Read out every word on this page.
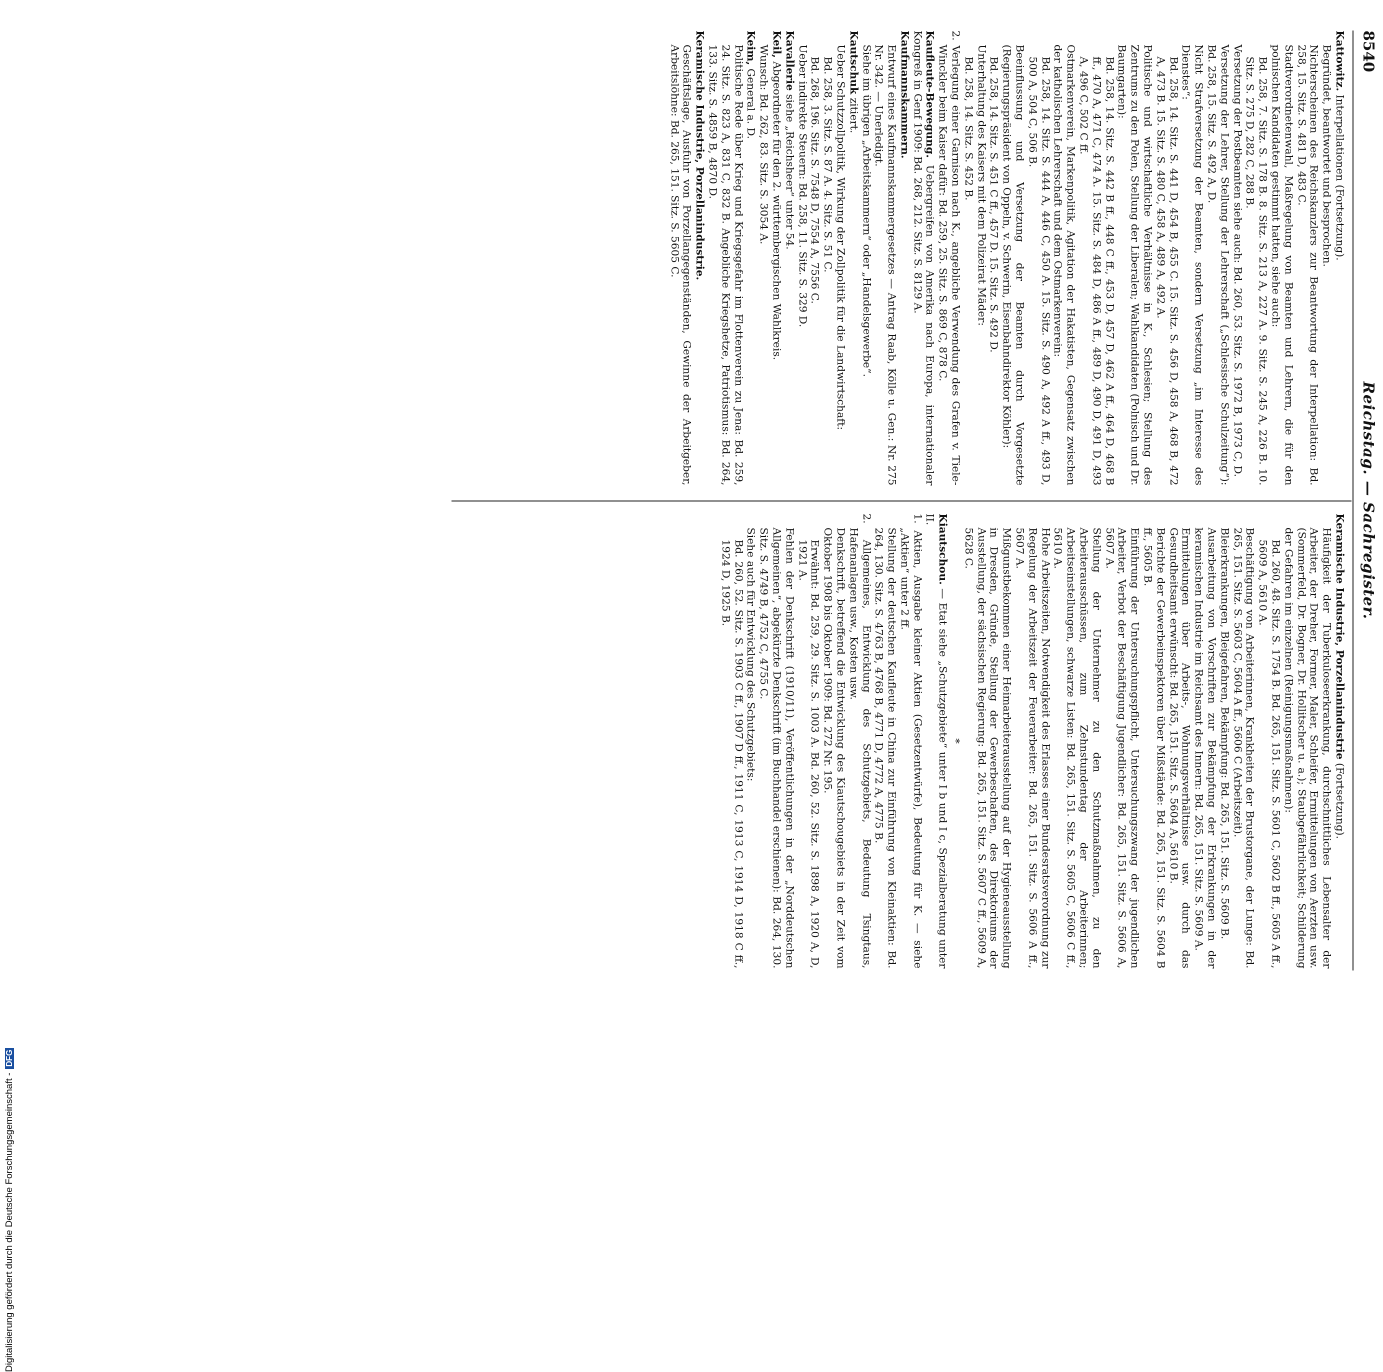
8540
Reichstag. — Sachregister.

Kattowitz. Interpellationen (Fortsetzung).

Begründet, beantwortet und besprochen.

Nichterscheinen des Reichskanzlers zur Beantwortung der Interpellation: Bd. 258, 15. Sitz. S. 481 D, 483 C.

Stadtverordnetenwahl, Maßregelung von Beamten und Lehrern, die für den polnischen Kandidaten gestimmt hatten, siehe auch:

Bd. 258, 7. Sitz. S. 178 B. 8. Sitz. S. 213 A, 227 A. 9. Sitz. S. 245 A, 226 B. 10. Sitz. S. 275 D, 282 C, 288 B.

Versetzung der Postbeamten siehe auch: Bd. 260, 53. Sitz. S. 1972 B, 1973 C, D.

Versetzung der Lehrer, Stellung der Lehrerschaft („Schlesische Schulzeitung“): Bd. 258, 15. Sitz. S. 492 A, D.

Nicht Strafversetzung der Beamten, sondern Versetzung „im Interesse des Dienstes“:

Bd. 258, 14. Sitz. S. 441 D, 454 B, 455 C. 15. Sitz. S. 456 D, 458 A, 468 B, 472 A, 473 B. 15. Sitz. S. 480 C, 458 A, 489 A, 492 A.

Politische und wirtschaftliche Verhältnisse in K., Schlesien; Stellung des Zentrums zu den Polen, Stellung der Liberalen; Wahlkandidaten (Polnisch und Dr. Baumgarten):

Bd. 258, 14. Sitz. S. 442 B ff., 448 C ff., 453 D, 457 D, 462 A ff., 464 D, 468 B ff., 470 A, 471 C, 474 A. 15. Sitz. S. 484 D, 486 A ff., 489 D, 490 D, 491 D, 493 A, 496 C, 502 C ff.

Ostmarkenverein, Markenpolitik, Agitation der Hakatisten, Gegensatz zwischen der katholischen Lehrerschaft und dem Ostmarkenverein:

Bd. 258, 14. Sitz. S. 444 A, 446 C, 450 A. 15. Sitz. S. 490 A, 492 A ff., 493 D, 500 A, 504 C, 506 B.

Beeinflussung und Versetzung der Beamten durch Vorgesetzte (Regierungspräsident von Oppeln, v. Schwerin, Eisenbahndirektor Köhler):

Bd. 258, 14. Sitz. S. 451 C ff., 457 D. 15. Sitz. S. 492 D.

Unterhaltung des Kaisers mit dem Polizeirat Mäder:

Bd. 258, 14. Sitz. S. 452 B.

2. Verlegung einer Garnison nach K., angebliche Verwendung des Grafen v. Tiele-Winckler beim Kaiser dafür: Bd. 259, 25. Sitz. S. 869 C, 878 C.

Kaufleute-Bewegung. Uebergreifen von Amerika nach Europa, internationaler Kongreß in Genf 1909: Bd. 268, 212. Sitz. S. 8129 A.

Kaufmannskammern.

Entwurf eines Kaufmannskammergesetzes — Antrag Raab, Kölle u. Gen.: Nr. 275 Nr. 342. — Unerledigt.

Siehe im übrigen „Arbeitskammern“ oder „Handelsgewerbe“.

Kautschuk zitiert.

Ueber Schutzzollpolitik, Wirkung der Zollpolitik für die Landwirtschaft:

Bd. 258, 3. Sitz. S. 87 A. 4. Sitz. S. 51 C.

Bd. 268, 196. Sitz. S. 7548 D, 7554 A, 7556 C.

Ueber indirekte Steuern: Bd. 258, 11. Sitz. S. 329 D.

Kavallerie siehe „Reichsheer“ unter 54.

Keil, Abgeordneter für den 2. württembergischen Wahlkreis.

Wunsch: Bd. 262, 83. Sitz. S. 3054 A.

Keim, General a. D.

Politische Rede über Krieg und Kriegsgefahr im Flottenverein zu Jena: Bd. 259, 24. Sitz. S. 823 A, 831 C, 832 B. Angebliche Kriegshetze, Patriotismus: Bd. 264, 133. Sitz. S. 4859 B, 4870 D.

Keramische Industrie, Porzellanindustrie.

Geschäftslage, Ausfuhr von Porzellangegenständen, Gewinne der Arbeitgeber, Arbeitslöhne: Bd. 265, 151. Sitz. S. 5605 C.

Keramische Industrie, Porzellanindustrie (Fortsetzung).

Häufigkeit der Tuberkuloseerkrankung, durchschnittliches Lebensalter der Arbeiter, der Dreher, Former, Maler, Schleifer, Ermittelungen von Aerzten usw. (Sommerfeld, Dr. Bogner, Dr. Hollitscher u. a.); Staubgefährlichkeit; Schilderung der Gefahren im einzelnen (Reinigungsmaßnahmen):

Bd. 260, 48. Sitz. S. 1754 B. Bd. 265, 151. Sitz. S. 5601 C, 5602 B ff., 5605 A ff., 5609 A, 5610 A.

Beschäftigung von Arbeiterinnen, Krankheiten der Brustorgane, der Lunge: Bd. 265, 151. Sitz. S. 5603 C, 5604 A ff., 5606 C (Arbeitszeit).

Bleierkrankungen, Bleigefahren, Bekämpfung: Bd. 265, 151. Sitz. S. 5609 B.

Ausarbeitung von Vorschriften zur Bekämpfung der Erkrankungen in der keramischen Industrie im Reichsamt des Innern: Bd. 265, 151. Sitz. S. 5609 A.

Ermittelungen über Arbeits-, Wohnungsverhältnisse usw. durch das Gesundheitsamt erwünscht: Bd. 265, 151. Sitz. S. 5604 A, 5610 B.

Berichte der Gewerbeinspektoren über Mißstände: Bd. 265, 151. Sitz. S. 5604 B ff., 5605 B.

Einführung der Untersuchungspflicht, Untersuchungszwang der jugendlichen Arbeiter, Verbot der Beschäftigung Jugendlicher: Bd. 265, 151. Sitz. S. 5606 A, 5607 A.

Stellung der Unternehmer zu den Schutzmaßnahmen, zu den Arbeiterausschüssen, zum Zehnstundentag der Arbeiterinnen; Arbeitseinstellungen, schwarze Listen: Bd. 265, 151. Sitz. S. 5605 C, 5606 C ff., 5610 A.

Hohe Arbeitszeiten, Notwendigkeit des Erlasses einer Bundesratsverordnung zur Regelung der Arbeitszeit der Feuerarbeiter: Bd. 265, 151. Sitz. S. 5606 A ff., 5607 A.

Mißgunstbekommen einer Heimarbeiterausstellung auf der Hygieneausstellung in Dresden, Gründe, Stellung der Gewerbeschaften, des Direktoriums der Ausstellung, der sächsischen Regierung: Bd. 265, 151. Sitz. S. 5607 C ff., 5609 A, 5628 C.

*

Kiautschou. — Etat siehe „Schutzgebiete“ unter I b und I c, Spezialberatung unter II.

1. Aktien, Ausgabe kleiner Aktien (Gesetzentwürfe), Bedeutung für K. — siehe „Aktien“ unter 2 ff.

Stellung der deutschen Kaufleute in China zur Einführung von Kleinaktien: Bd. 264, 130. Sitz. S. 4763 B, 4768 B, 4771 D, 4772 A, 4775 B.

2. Allgemeines, Entwicklung des Schutzgebiets, Bedeutung Tsingtaus, Hafenanlagen usw., Kosten usw.

Denkschrift, betreffend die Entwicklung des Kiautschougebiets in der Zeit vom Oktober 1908 bis Oktober 1909: Bd. 272 Nr. 195.

Erwähnt: Bd. 259, 29. Sitz. S. 1003 A. Bd. 260, 52. Sitz. S. 1898 A, 1920 A, D, 1921 A.

Fehlen der Denkschrift (1910/11), Veröffentlichungen in der „Norddeutschen Allgemeinen“, abgekürzte Denkschrift (im Buchhandel erschienen): Bd. 264, 130. Sitz. S. 4749 B, 4752 C, 4755 C.

Siehe auch für Entwicklung des Schutzgebiets:

Bd. 260, 52. Sitz. S. 1903 C ff., 1907 D ff., 1911 C, 1913 C, 1914 D, 1918 C ff., 1924 D, 1925 B.

Digitalisierung gefördert durch die Deutsche Forschungsgemeinschaft -DFG
